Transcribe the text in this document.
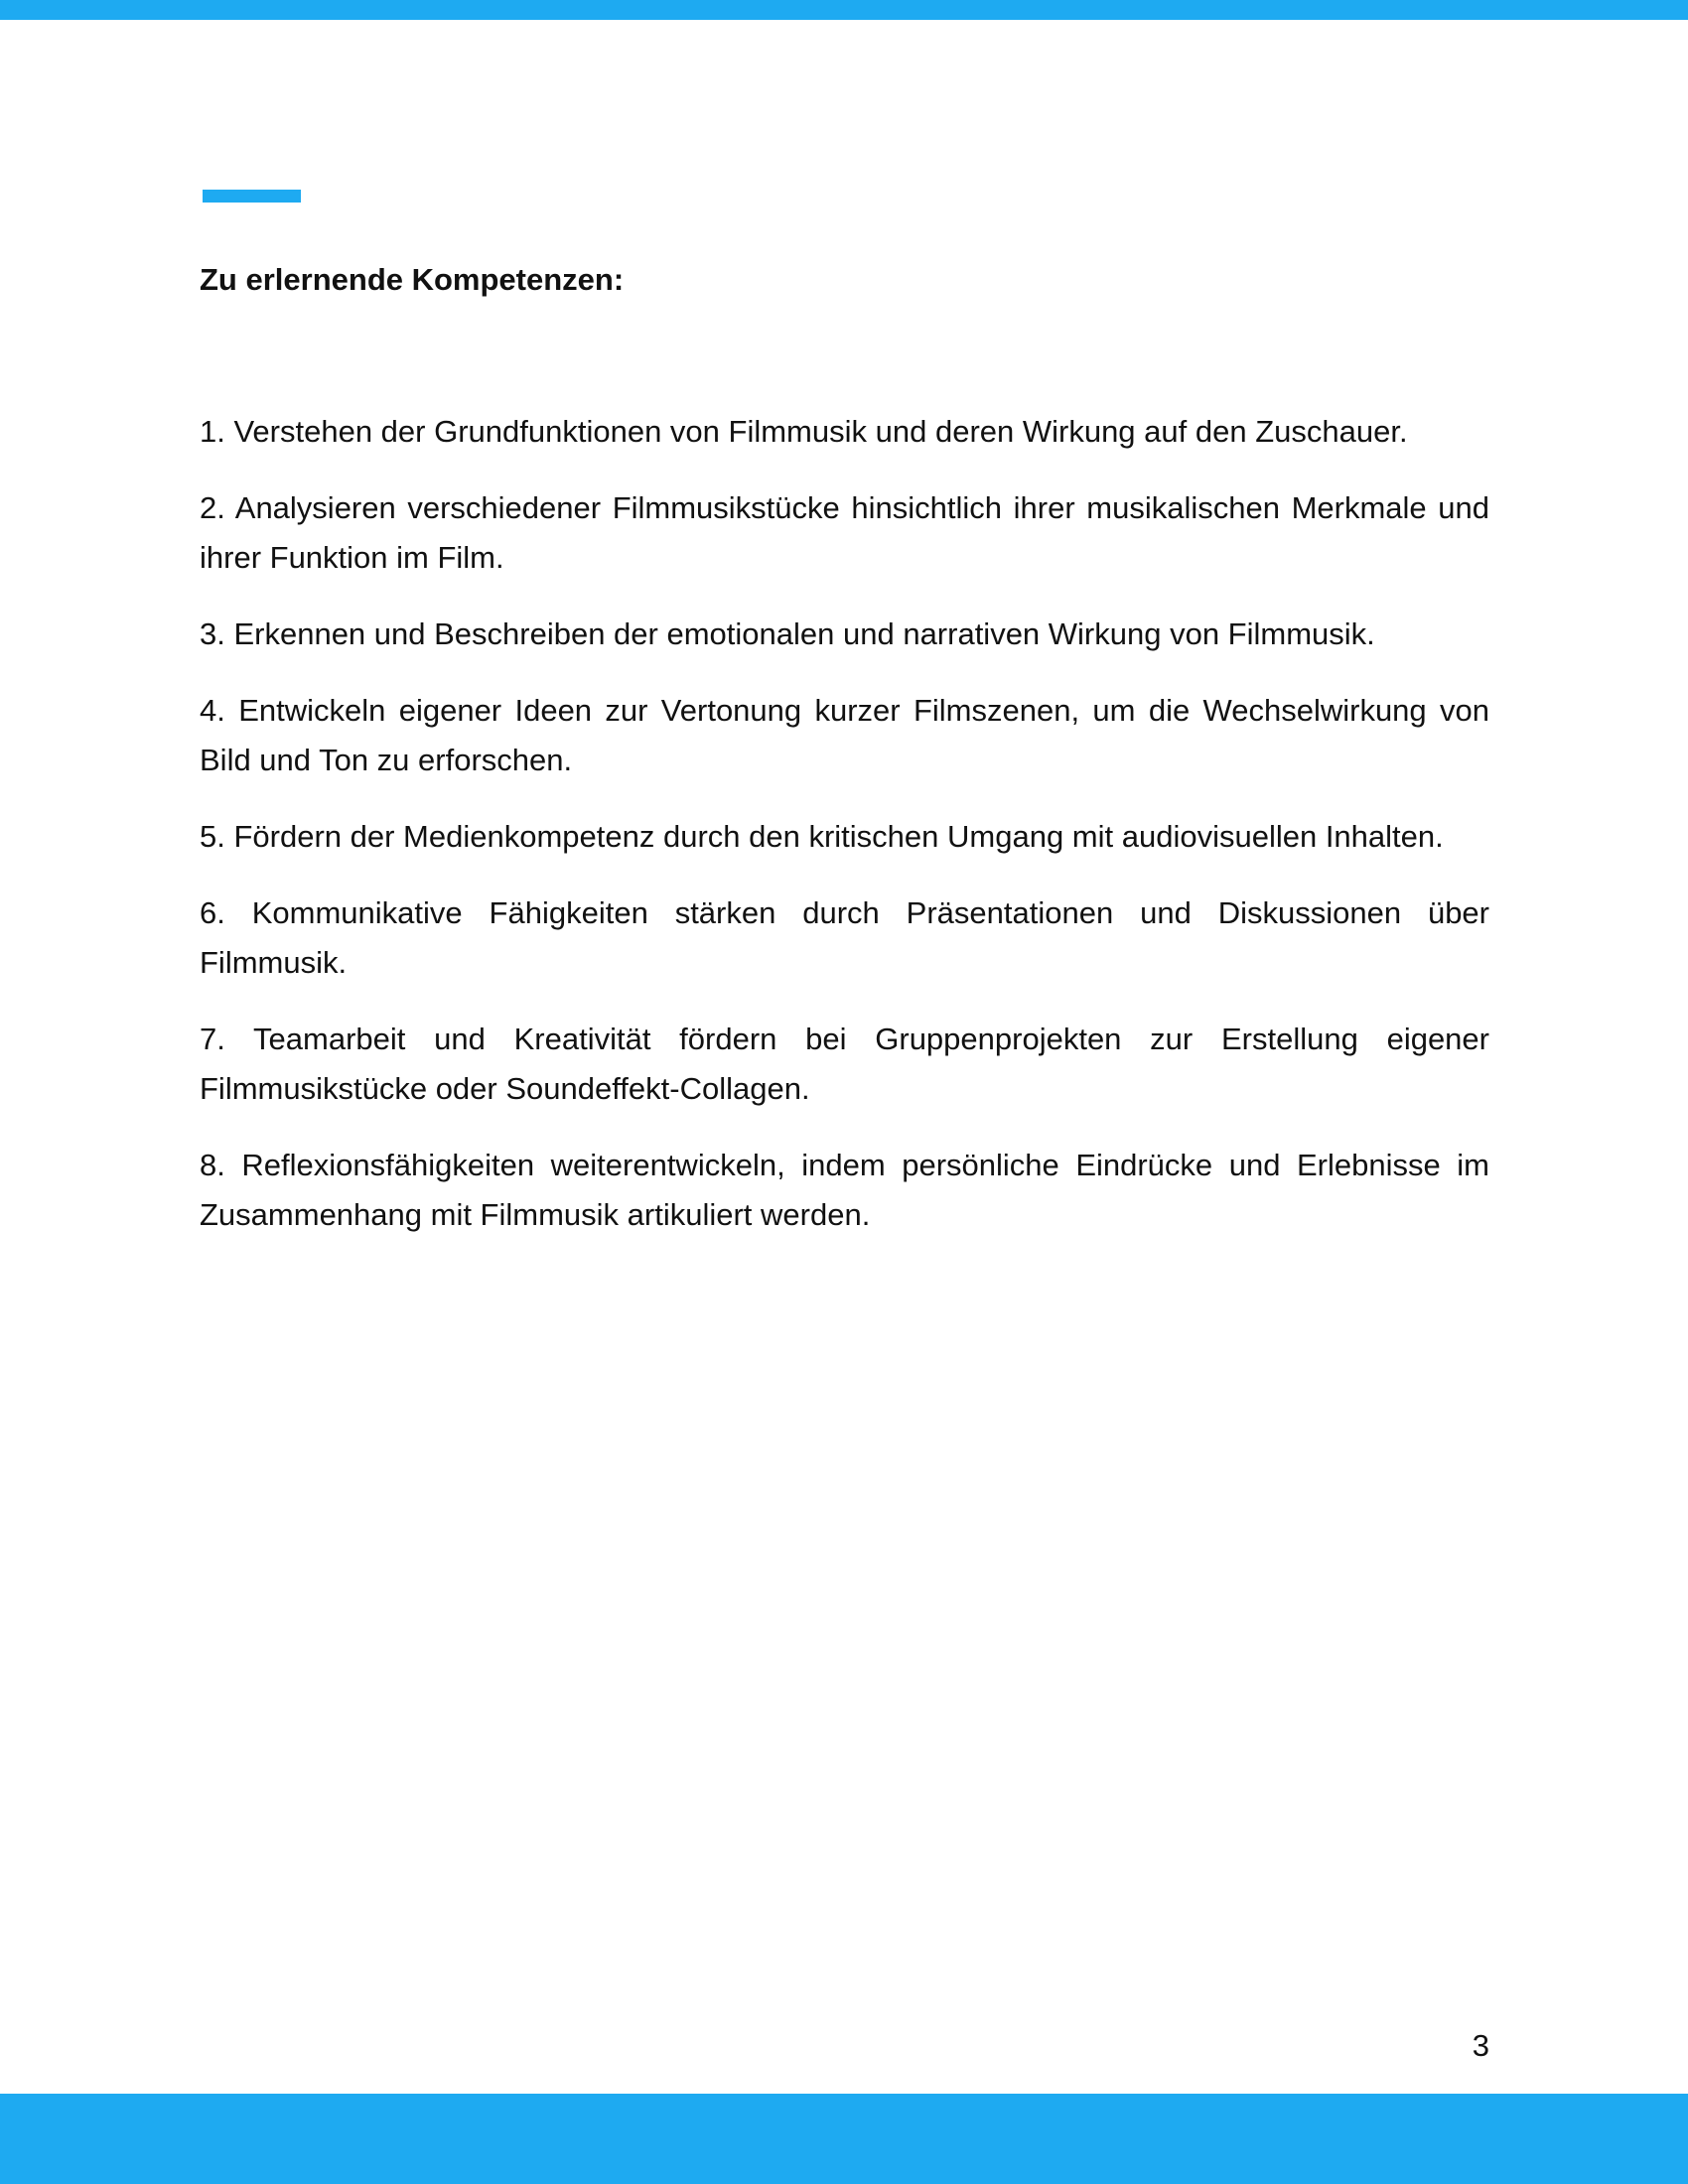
Zu erlernende Kompetenzen:
1. Verstehen der Grundfunktionen von Filmmusik und deren Wirkung auf den Zuschauer.
2. Analysieren verschiedener Filmmusikstücke hinsichtlich ihrer musikalischen Merkmale und ihrer Funktion im Film.
3. Erkennen und Beschreiben der emotionalen und narrativen Wirkung von Filmmusik.
4. Entwickeln eigener Ideen zur Vertonung kurzer Filmszenen, um die Wechselwirkung von Bild und Ton zu erforschen.
5. Fördern der Medienkompetenz durch den kritischen Umgang mit audiovisuellen Inhalten.
6. Kommunikative Fähigkeiten stärken durch Präsentationen und Diskussionen über Filmmusik.
7. Teamarbeit und Kreativität fördern bei Gruppenprojekten zur Erstellung eigener Filmmusikstücke oder Soundeffekt-Collagen.
8. Reflexionsfähigkeiten weiterentwickeln, indem persönliche Eindrücke und Erlebnisse im Zusammenhang mit Filmmusik artikuliert werden.
3
